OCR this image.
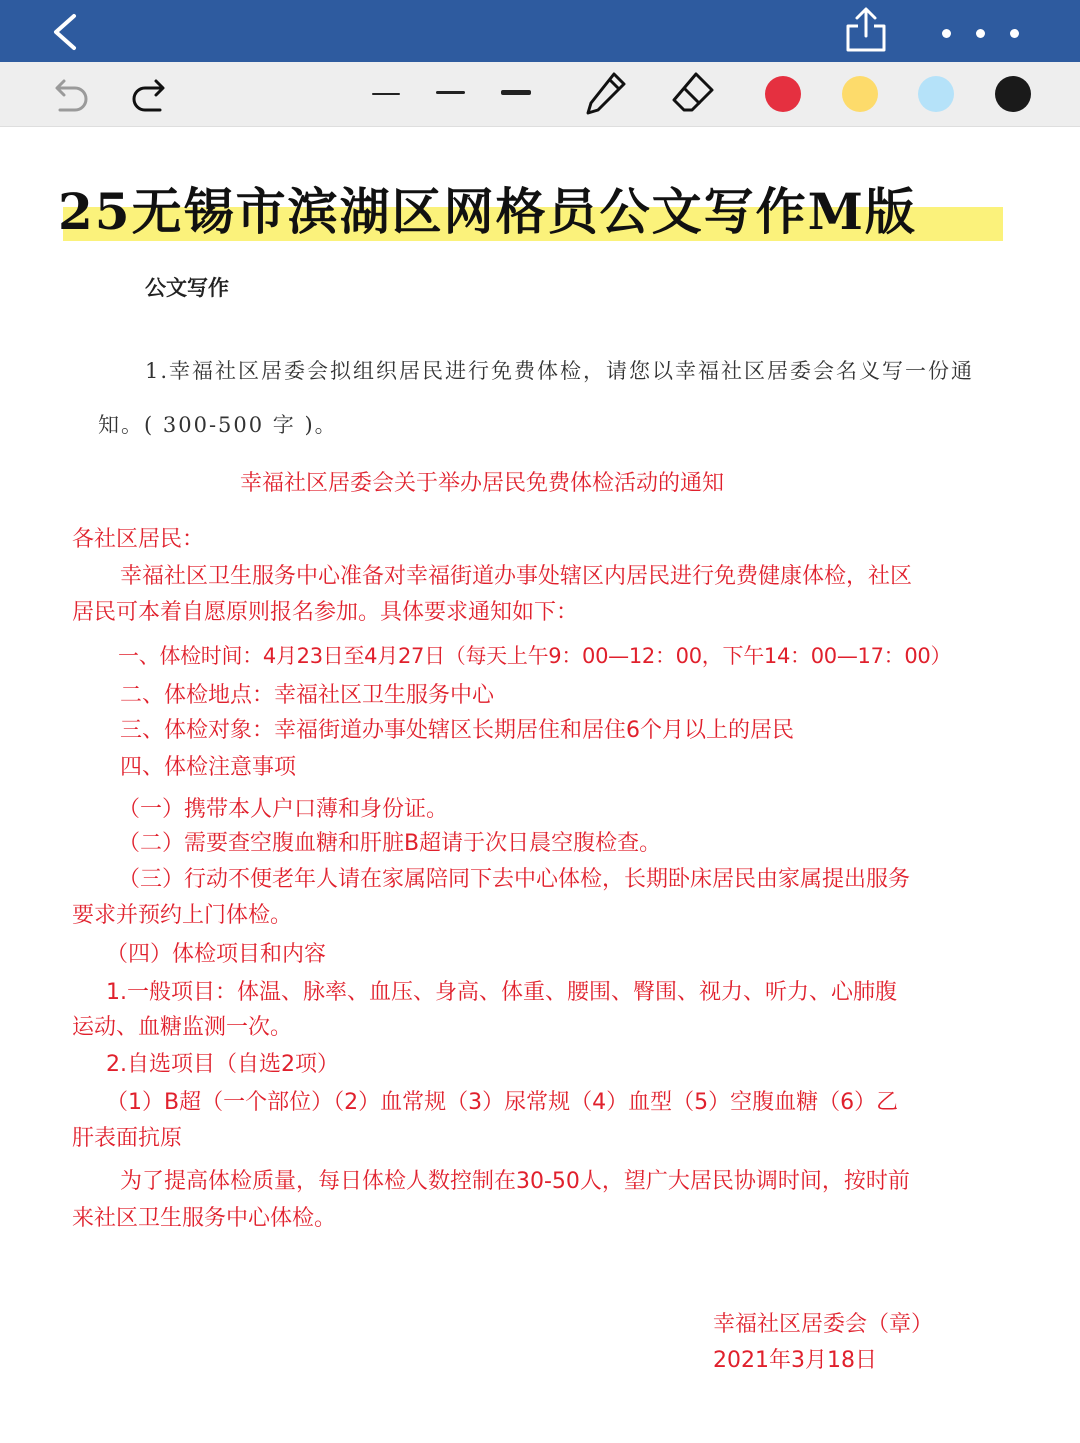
25无锡市滨湖区网格员公文写作M版
公文写作
1.幸福社区居委会拟组织居民进行免费体检，请您以幸福社区居委会名义写一份通
知。( 300-500 字 )。
幸福社区居委会关于举办居民免费体检活动的通知
各社区居民：
幸福社区卫生服务中心准备对幸福街道办事处辖区内居民进行免费健康体检，社区
居民可本着自愿原则报名参加。具体要求通知如下：
一、体检时间：4月23日至4月27日（每天上午9：00—12：00，下午14：00—17：00）
二、体检地点：幸福社区卫生服务中心
三、体检对象：幸福街道办事处辖区长期居住和居住6个月以上的居民
四、体检注意事项
（一）携带本人户口薄和身份证。
（二）需要查空腹血糖和肝脏B超请于次日晨空腹检查。
（三）行动不便老年人请在家属陪同下去中心体检，长期卧床居民由家属提出服务
要求并预约上门体检。
（四）体检项目和内容
1.一般项目：体温、脉率、血压、身高、体重、腰围、臀围、视力、听力、心肺腹
运动、血糖监测一次。
2.自选项目（自选2项）
（1）B超（一个部位）（2）血常规（3）尿常规（4）血型（5）空腹血糖（6）乙
肝表面抗原
为了提高体检质量，每日体检人数控制在30-50人，望广大居民协调时间，按时前
来社区卫生服务中心体检。
幸福社区居委会（章）
2021年3月18日
